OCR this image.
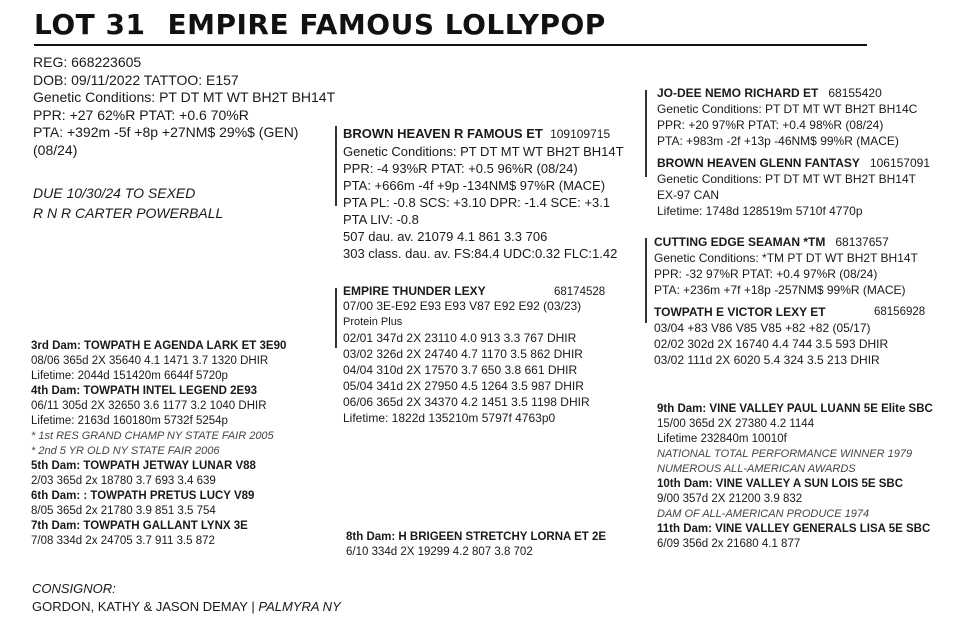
LOT 31 EMPIRE FAMOUS LOLLYPOP
REG: 668223605
DOB: 09/11/2022 TATTOO: E157
Genetic Conditions: PT DT MT WT BH2T BH14T
PPR: +27 62%R PTAT: +0.6 70%R
PTA: +392m -5f +8p +27NM$ 29%$ (GEN)
(08/24)
DUE 10/30/24 TO SEXED
R N R CARTER POWERBALL
BROWN HEAVEN R FAMOUS ET 109109715
Genetic Conditions: PT DT MT WT BH2T BH14T
PPR: -4 93%R PTAT: +0.5 96%R (08/24)
PTA: +666m -4f +9p -134NM$ 97%R (MACE)
PTA PL: -0.8 SCS: +3.10 DPR: -1.4 SCE: +3.1
PTA LIV: -0.8
507 dau. av. 21079 4.1 861 3.3 706
303 class. dau. av. FS:84.4 UDC:0.32 FLC:1.42
EMPIRE THUNDER LEXY	68174528
07/00 3E-E92 E93 E93 V87 E92 E92 (03/23)
Protein Plus
02/01 347d 2X 23110 4.0 913 3.3 767 DHIR
03/02 326d 2X 24740 4.7 1170 3.5 862 DHIR
04/04 310d 2X 17570 3.7 650 3.8 661 DHIR
05/04 341d 2X 27950 4.5 1264 3.5 987 DHIR
06/06 365d 2X 34370 4.2 1451 3.5 1198 DHIR
Lifetime: 1822d 135210m 5797f 4763p0
JO-DEE NEMO RICHARD ET 68155420
Genetic Conditions: PT DT MT WT BH2T BH14C
PPR: +20 97%R PTAT: +0.4 98%R (08/24)
PTA: +983m -2f +13p -46NM$ 99%R (MACE)
BROWN HEAVEN GLENN FANTASY 106157091
Genetic Conditions: PT DT MT WT BH2T BH14T
EX-97 CAN
Lifetime: 1748d 128519m 5710f 4770p
CUTTING EDGE SEAMAN *TM 68137657
Genetic Conditions: *TM PT DT WT BH2T BH14T
PPR: -32 97%R PTAT: +0.4 97%R (08/24)
PTA: +236m +7f +18p -257NM$ 99%R (MACE)
TOWPATH E VICTOR LEXY ET	68156928
03/04 +83 V86 V85 V85 +82 +82 (05/17)
02/02 302d 2X 16740 4.4 744 3.5 593 DHIR
03/02 111d 2X 6020 5.4 324 3.5 213 DHIR
3rd Dam: TOWPATH E AGENDA LARK ET 3E90
08/06 365d 2X 35640 4.1 1471 3.7 1320 DHIR
Lifetime: 2044d 151420m 6644f 5720p
4th Dam: TOWPATH INTEL LEGEND 2E93
06/11 305d 2X 32650 3.6 1177 3.2 1040 DHIR
Lifetime: 2163d 160180m 5732f 5254p
* 1st RES GRAND CHAMP NY STATE FAIR 2005
* 2nd 5 YR OLD NY STATE FAIR 2006
5th Dam: TOWPATH JETWAY LUNAR V88
2/03 365d 2x 18780 3.7 693 3.4 639
6th Dam: : TOWPATH PRETUS LUCY V89
8/05 365d 2x 21780 3.9 851 3.5 754
7th Dam: TOWPATH GALLANT LYNX 3E
7/08 334d 2x 24705 3.7 911 3.5 872	8th Dam: H BRIGEEN STRETCHY LORNA ET 2E
6/10 334d 2X 19299 4.2 807 3.8 702
9th Dam: VINE VALLEY PAUL LUANN 5E Elite SBC
15/00 365d 2X 27380 4.2 1144
Lifetime 232840m 10010f
NATIONAL TOTAL PERFORMANCE WINNER 1979
NUMEROUS ALL-AMERICAN AWARDS
10th Dam: VINE VALLEY A SUN LOIS 5E SBC
9/00 357d 2X 21200 3.9 832
DAM OF ALL-AMERICAN PRODUCE 1974
11th Dam: VINE VALLEY GENERALS LISA 5E SBC
6/09 356d 2x 21680 4.1 877
CONSIGNOR:
GORDON, KATHY & JASON DEMAY | PALMYRA NY
